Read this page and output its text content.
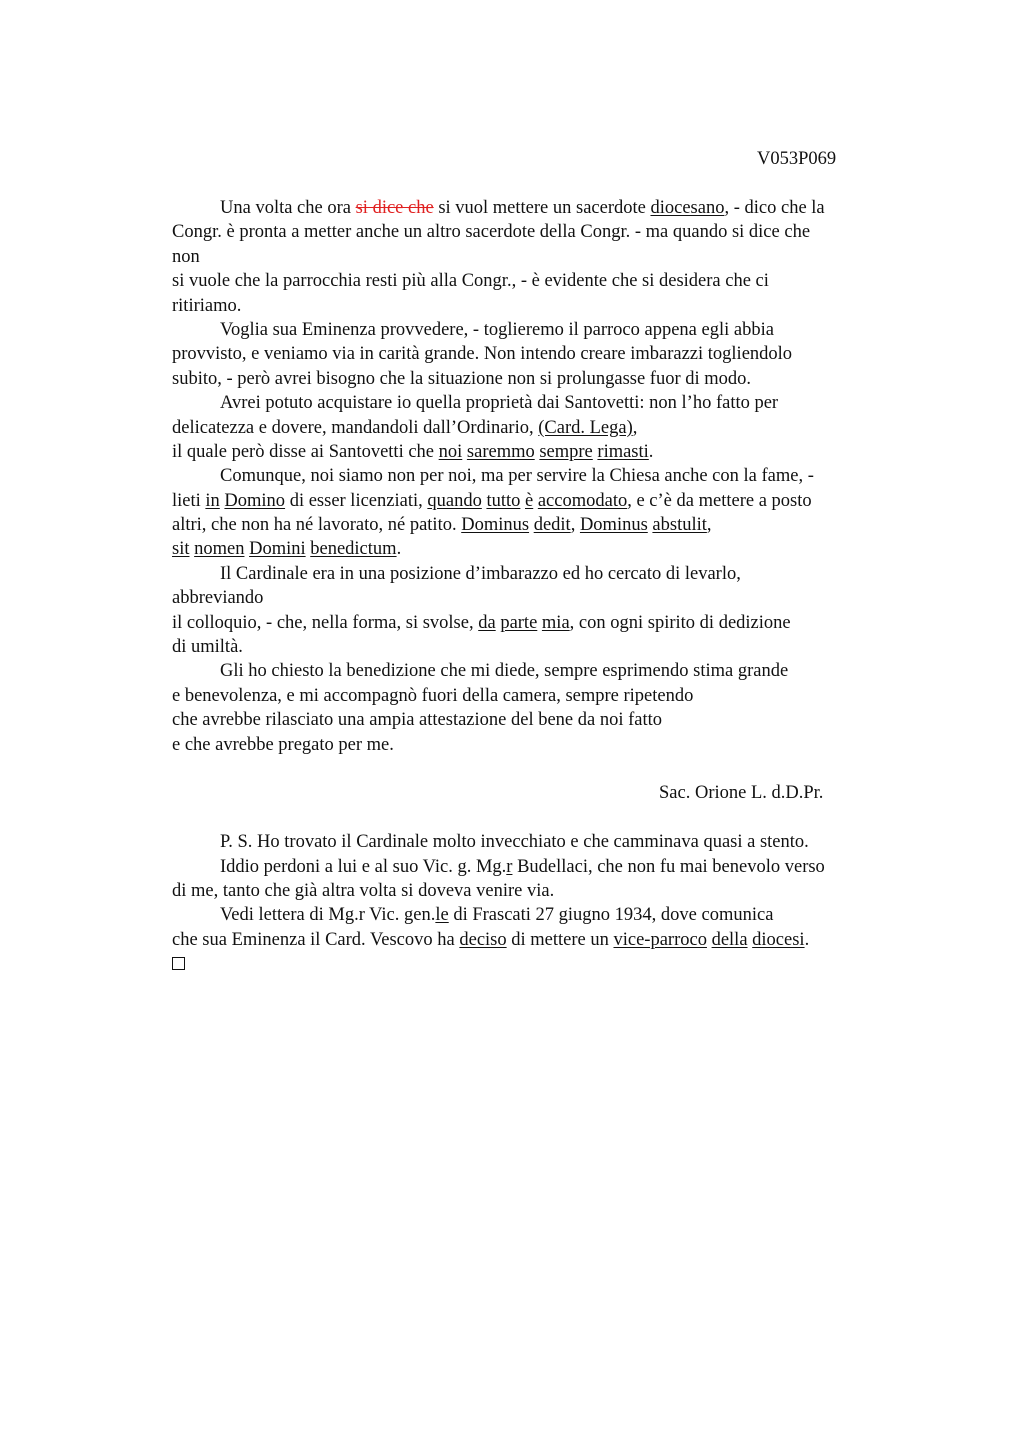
V053P069
Una volta che ora si dice che si vuol mettere un sacerdote diocesano, - dico che la
Congr. è pronta a metter anche un altro sacerdote della Congr. - ma quando si dice che
non
si vuole che la parrocchia resti più alla Congr., - è evidente che si desidera che ci
ritiriamo.
Voglia sua Eminenza provvedere, - toglieremo il parroco appena egli abbia
provvisto, e veniamo via in carità grande. Non intendo creare imbarazzi togliendolo
subito, - però avrei bisogno che la situazione non si prolungasse fuor di modo.
Avrei potuto acquistare io quella proprietà dai Santovetti: non l’ho fatto per
delicatezza e dovere, mandandoli dall’Ordinario, (Card. Lega),
il quale però disse ai Santovetti che noi saremmo sempre rimasti.
Comunque, noi siamo non per noi, ma per servire la Chiesa anche con la fame, -
lieti in Domino di esser licenziati, quando tutto è accomodato, e c’è da mettere a posto
altri, che non ha né lavorato, né patito. Dominus dedit, Dominus abstulit,
sit nomen Domini benedictum.
Il Cardinale era in una posizione d’imbarazzo ed ho cercato di levarlo,
abbreviando
il colloquio, - che, nella forma, si svolse, da parte mia, con ogni spirito di dedizione
di umiltà.
Gli ho chiesto la benedizione che mi diede, sempre esprimendo stima grande
e benevolenza, e mi accompagnò fuori della camera, sempre ripetendo
che avrebbe rilasciato una ampia attestazione del bene da noi fatto
e che avrebbe pregato per me.
Sac. Orione L. d.D.Pr.
P. S. Ho trovato il Cardinale molto invecchiato e che camminava quasi a stento.
Iddio perdoni a lui e al suo Vic. g. Mg.r Budellaci, che non fu mai benevolo verso
di me, tanto che già altra volta si doveva venire via.
Vedi lettera di Mg.r Vic. gen.le di Frascati 27 giugno 1934, dove comunica
che sua Eminenza il Card. Vescovo ha deciso di mettere un vice-parroco della diocesi.
